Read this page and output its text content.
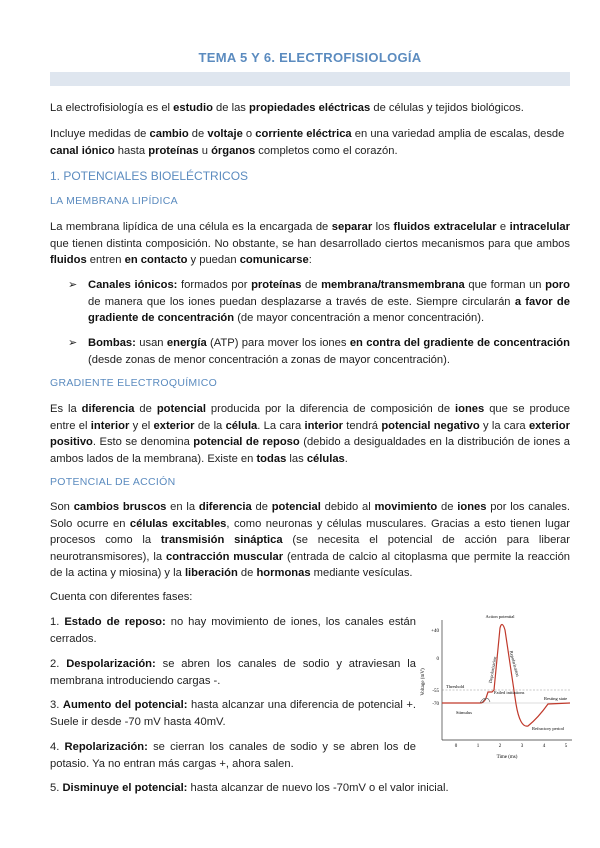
TEMA 5 Y 6. ELECTROFISIOLOGÍA

La electrofisiología es el estudio de las propiedades eléctricas de células y tejidos biológicos.

Incluye medidas de cambio de voltaje o corriente eléctrica en una variedad amplia de escalas, desde canal iónico hasta proteínas u órganos completos como el corazón.

1. POTENCIALES BIOELÉCTRICOS

LA MEMBRANA LIPÍDICA

La membrana lipídica de una célula es la encargada de separar los fluidos extracelular e intracelular que tienen distinta composición. No obstante, se han desarrollado ciertos mecanismos para que ambos fluidos entren en contacto y puedan comunicarse:

➢ Canales iónicos: formados por proteínas de membrana/transmembrana que forman un poro de manera que los iones puedan desplazarse a través de este. Siempre circularán a favor de gradiente de concentración (de mayor concentración a menor concentración).
➢ Bombas: usan energía (ATP) para mover los iones en contra del gradiente de concentración (desde zonas de menor concentración a zonas de mayor concentración).

GRADIENTE ELECTROQUÍMICO

Es la diferencia de potencial producida por la diferencia de composición de iones que se produce entre el interior y el exterior de la célula. La cara interior tendrá potencial negativo y la cara exterior positivo. Esto se denomina potencial de reposo (debido a desigualdades en la distribución de iones a ambos lados de la membrana). Existe en todas las células.

POTENCIAL DE ACCIÓN

Son cambios bruscos en la diferencia de potencial debido al movimiento de iones por los canales. Solo ocurre en células excitables, como neuronas y células musculares. Gracias a esto tienen lugar procesos como la transmisión sináptica (se necesita el potencial de acción para liberar neurotransmisores), la contracción muscular (entrada de calcio al citoplasma que permite la reacción de la actina y miosina) y la liberación de hormonas mediante vesículas.

Cuenta con diferentes fases:

1. Estado de reposo: no hay movimiento de iones, los canales están cerrados.
2. Despolarización: se abren los canales de sodio y atraviesan la membrana introduciendo cargas -.
3. Aumento del potencial: hasta alcanzar una diferencia de potencial +. Suele ir desde -70 mV hasta 40mV.
4. Repolarización: se cierran los canales de sodio y se abren los de potasio. Ya no entran más cargas +, ahora salen.
5. Disminuye el potencial: hasta alcanzar de nuevo los -70mV o el valor inicial.
Voltage (mV)
Time (ms)
+40
0
-55
-70
0	1	2	3	4	5
Action potential
Depolarization	Repolarization
Threshold
Stimulus
Failed initiations
Resting state
Refractory period
